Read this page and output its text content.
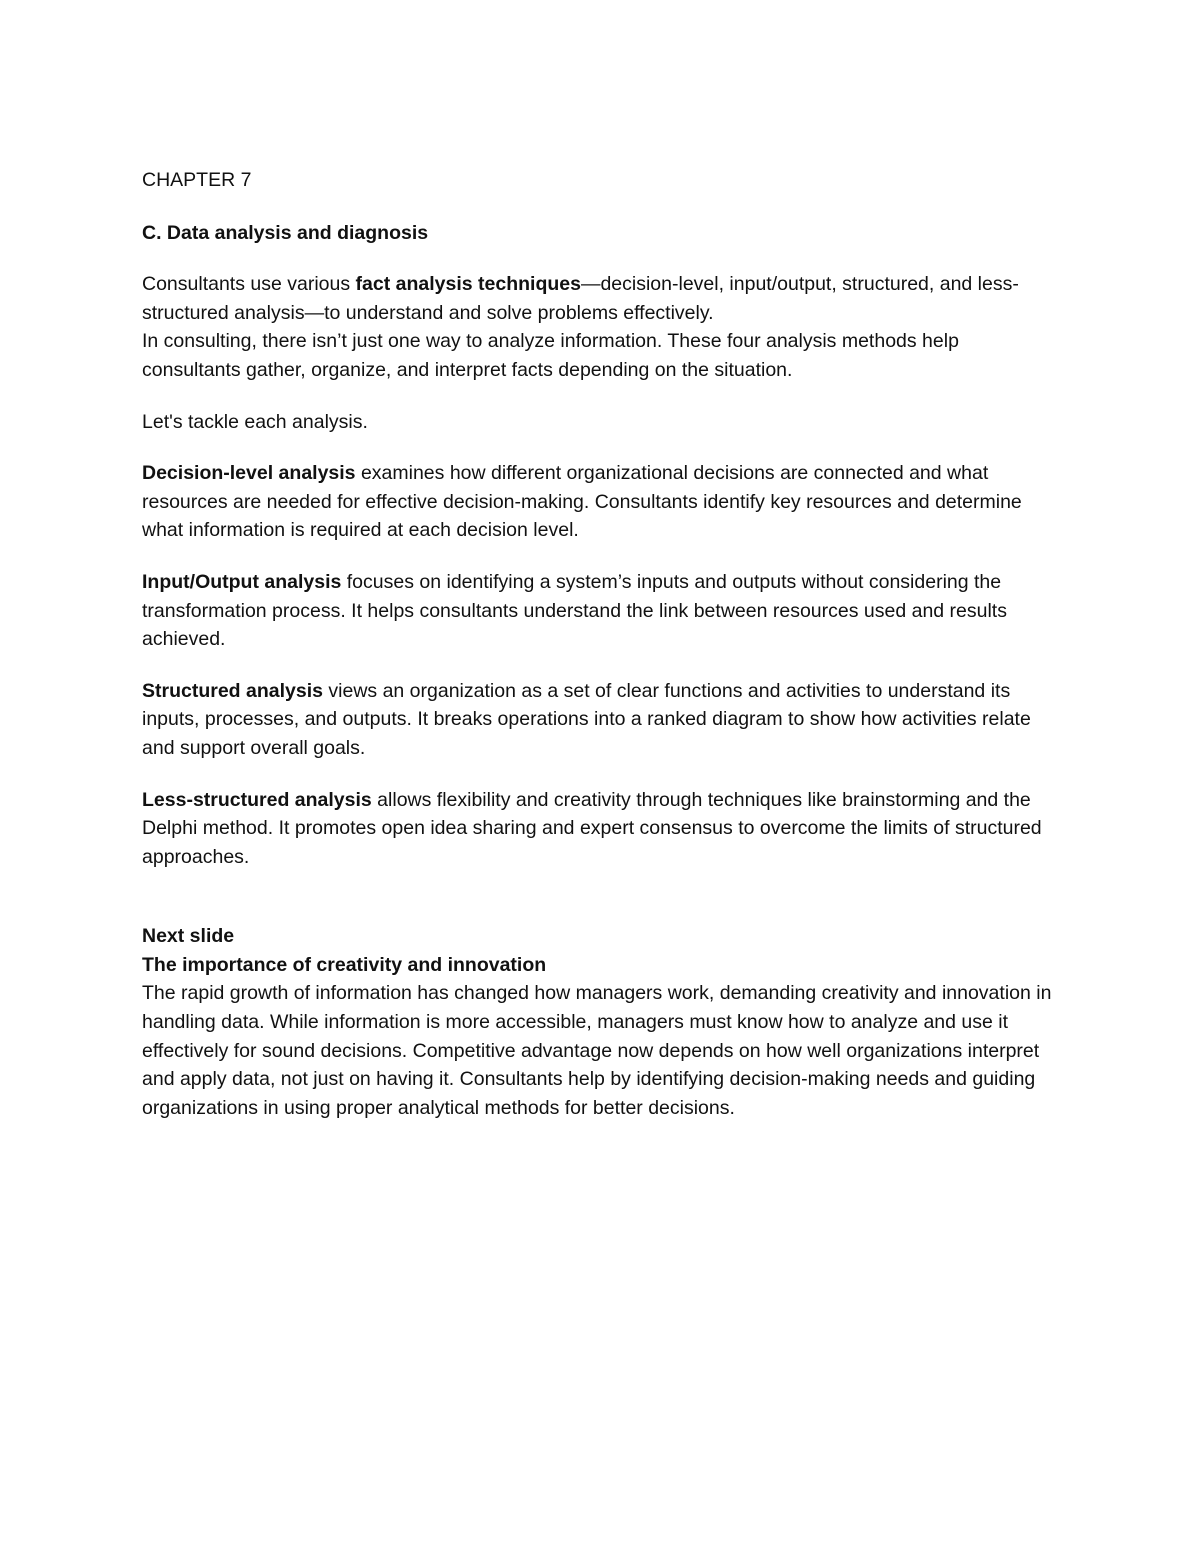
CHAPTER 7

C. Data analysis and diagnosis

Consultants use various fact analysis techniques—decision-level, input/output, structured, and less-structured analysis—to understand and solve problems effectively.

In consulting, there isn’t just one way to analyze information. These four analysis methods help consultants gather, organize, and interpret facts depending on the situation.

Let's tackle each analysis.

Decision-level analysis examines how different organizational decisions are connected and what resources are needed for effective decision-making. Consultants identify key resources and determine what information is required at each decision level.

Input/Output analysis focuses on identifying a system’s inputs and outputs without considering the transformation process. It helps consultants understand the link between resources used and results achieved.

Structured analysis views an organization as a set of clear functions and activities to understand its inputs, processes, and outputs. It breaks operations into a ranked diagram to show how activities relate and support overall goals.

Less-structured analysis allows flexibility and creativity through techniques like brainstorming and the Delphi method. It promotes open idea sharing and expert consensus to overcome the limits of structured approaches.

Next slide

The importance of creativity and innovation

The rapid growth of information has changed how managers work, demanding creativity and innovation in handling data. While information is more accessible, managers must know how to analyze and use it effectively for sound decisions. Competitive advantage now depends on how well organizations interpret and apply data, not just on having it. Consultants help by identifying decision-making needs and guiding organizations in using proper analytical methods for better decisions.
